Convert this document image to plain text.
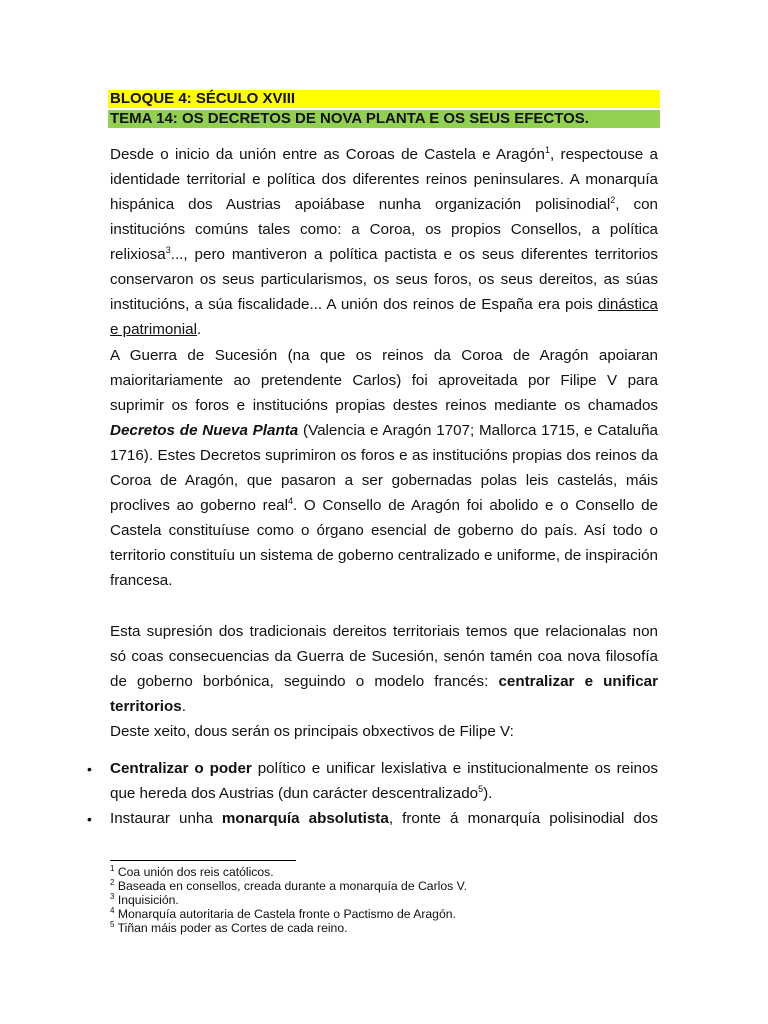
BLOQUE 4: SÉCULO XVIII
TEMA 14: OS DECRETOS DE NOVA PLANTA E OS SEUS EFECTOS.
Desde o inicio da unión entre as Coroas de Castela e Aragón$^1$, respectouse a
identidade territorial e política dos diferentes reinos peninsulares. A monarquía
hispánica dos Austrias apoiábase nunha organización polisinodial$^2$, con
institucións comúns tales como: a Coroa, os propios Consellos, a política
relixiosa$^3$..., pero mantiveron a política pactista e os seus diferentes territorios
conservaron os seus particularismos, os seus foros, os seus dereitos, as súas
institucións, a súa fiscalidade... A unión dos reinos de España era pois dinástica
e patrimonial.
A Guerra de Sucesión (na que os reinos da Coroa de Aragón apoiaran
maioritariamente ao pretendente Carlos) foi aproveitada por Filipe V para
suprimir os foros e institucións propias destes reinos mediante os chamados
Decretos de Nueva Planta (Valencia e Aragón 1707; Mallorca 1715, e Cataluña
1716). Estes Decretos suprimiron os foros e as institucións propias dos reinos da
Coroa de Aragón, que pasaron a ser gobernadas polas leis castelás, máis
proclives ao goberno real$^4$. O Consello de Aragón foi abolido e o Consello de
Castela constituíuse como o órgano esencial de goberno do país. Así todo o
territorio constituíu un sistema de goberno centralizado e uniforme, de inspiración
francesa.
Esta supresión dos tradicionais dereitos territoriais temos que relacionalas non
só coas consecuencias da Guerra de Sucesión, senón tamén coa nova filosofía
de goberno borbónica, seguindo o modelo francés: centralizar e unificar
territorios.
Deste xeito, dous serán os principais obxectivos de Filipe V:
•	Centralizar o poder político e unificar lexislativa e institucionalmente os reinos
que hereda dos Austrias (dun carácter descentralizado$^5$).
•	Instaurar unha monarquía absolutista, fronte á monarquía polisinodial dos
$^1$ Coa unión dos reis católicos.
$^2$ Baseada en consellos, creada durante a monarquía de Carlos V.
$^3$ Inquisición.
$^4$ Monarquía autoritaria de Castela fronte o Pactismo de Aragón.
$^5$ Tiñan máis poder as Cortes de cada reino.
